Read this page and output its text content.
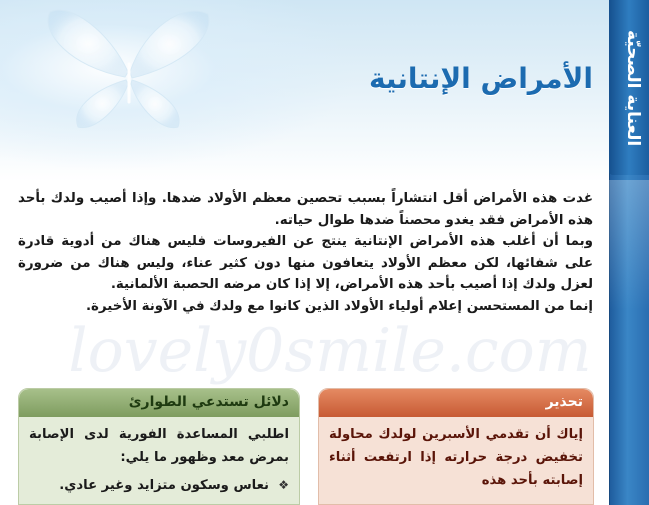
العناية الصحيّة
الأمراض الإنتانية

غدت هذه الأمراض أقل انتشاراً بسبب تحصين معظم الأولاد ضدها. وإذا أصيب ولدك بأحد هذه الأمراض فقد يغدو محصناً ضدها طوال حياته.

وبما أن أغلب هذه الأمراض الإنتانية ينتج عن الفيروسات فليس هناك من أدوية قادرة على شفائها، لكن معظم الأولاد يتعافون منها دون كثير عناء، وليس هناك من ضرورة لعزل ولدك إذا أصيب بأحد هذه الأمراض، إلا إذا كان مرضه الحصبة الألمانية.

إنما من المستحسن إعلام أولياء الأولاد الذين كانوا مع ولدك في الآونة الأخيرة.

lovely0smile.com
تحذير
إياك أن تقدمي الأسبرين لولدك محاولة تخفيض درجة حرارته إذا ارتفعت أثناء إصابته بأحد هذه
دلائل تستدعي الطوارئ
اطلبي المساعدة الفورية لدى الإصابة بمرض معد وظهور ما يلي:
❖
نعاس وسكون متزايد وغير عادي.
